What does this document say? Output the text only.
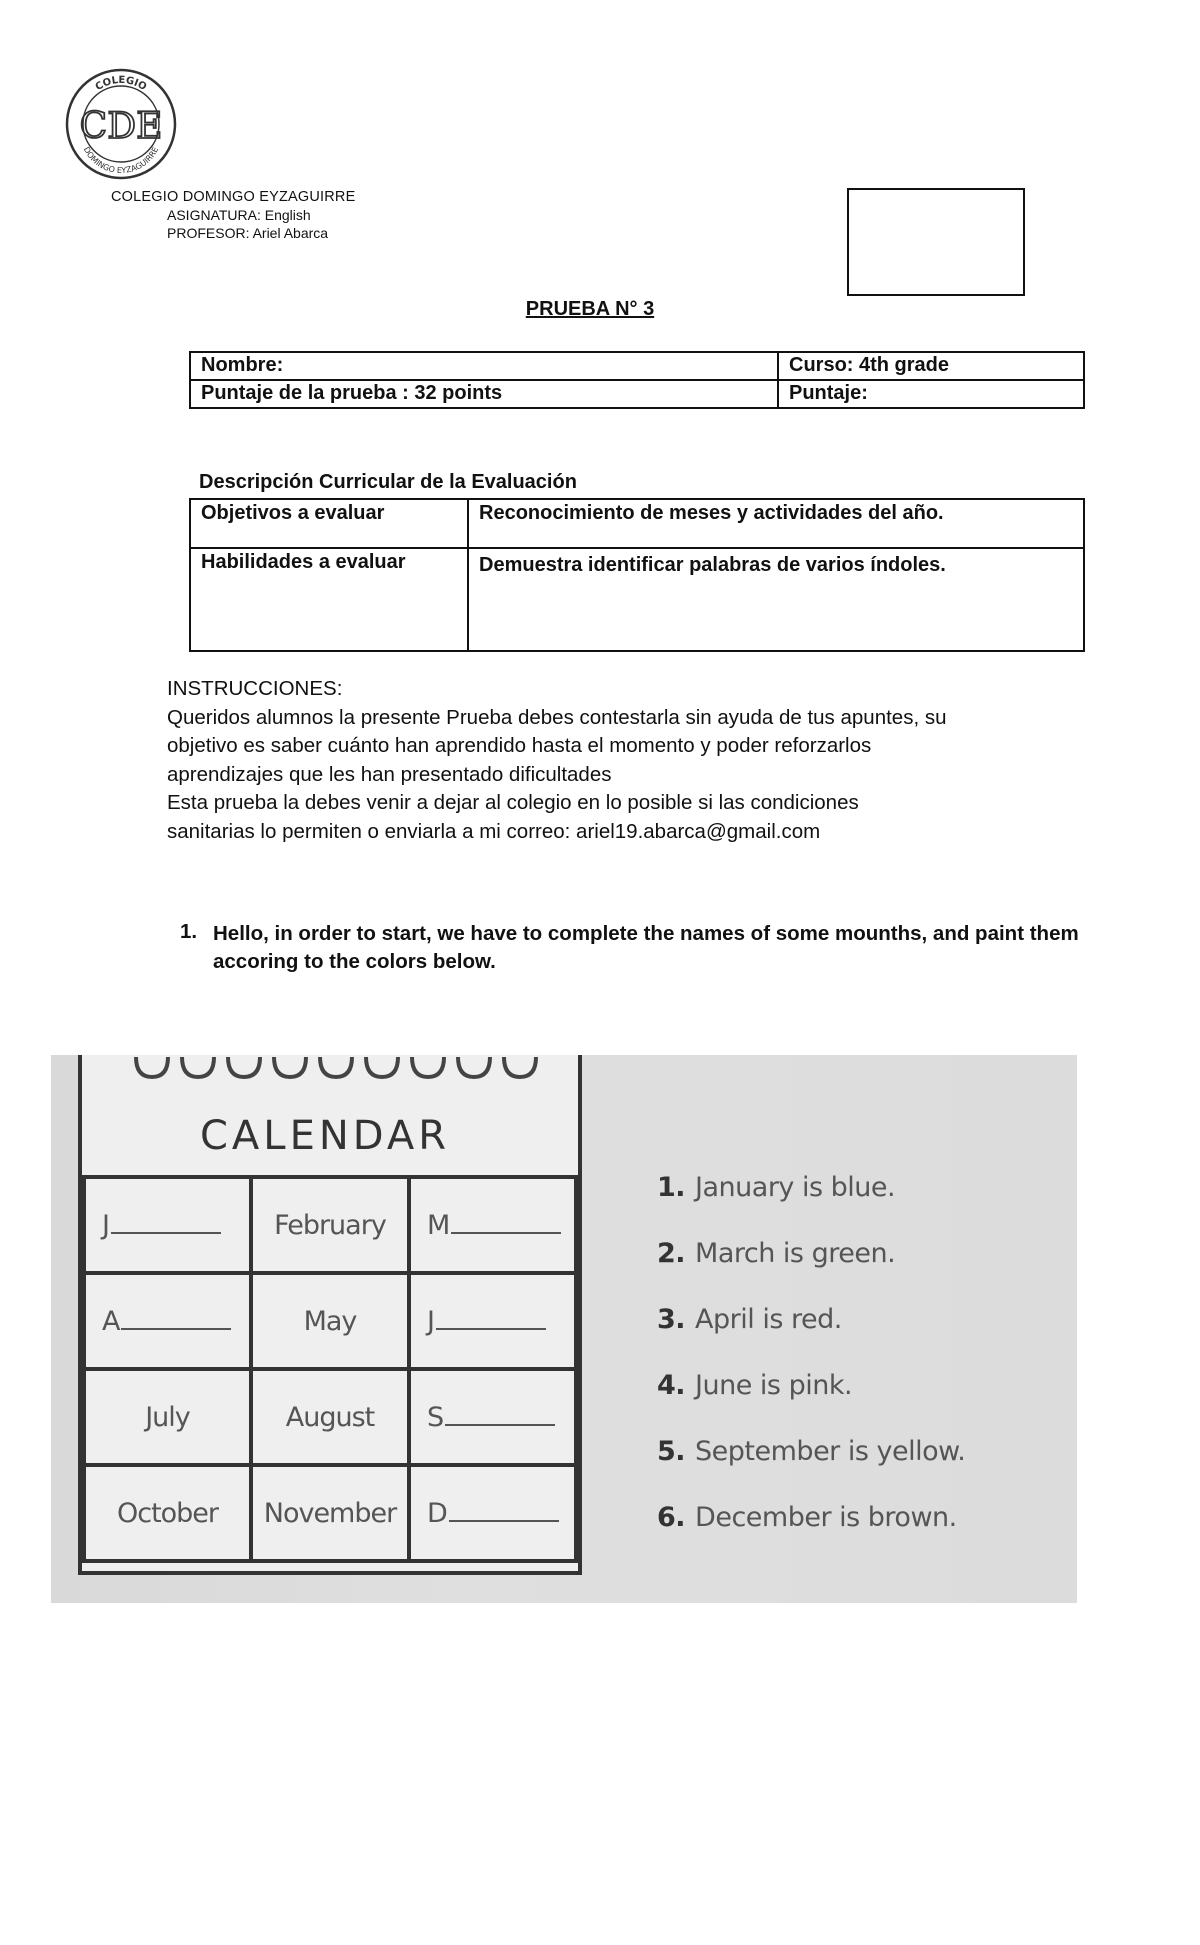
COLEGIO
DOMINGO EYZAGUIRRE
CDE
COLEGIO DOMINGO EYZAGUIRRE
ASIGNATURA: English
PROFESOR: Ariel Abarca
PRUEBA N° 3
Nombre:	Curso: 4th grade
Puntaje de la prueba : 32 points	Puntaje:
Descripción Curricular de la Evaluación
Objetivos a evaluar	Reconocimiento de meses y actividades del año.
Habilidades a evaluar	Demuestra identificar palabras de varios índoles.
INSTRUCCIONES:
Queridos alumnos la presente Prueba debes contestarla sin ayuda de tus apuntes, su
objetivo es saber cuánto han aprendido hasta el momento y poder reforzarlos
aprendizajes que les han presentado dificultades
Esta prueba la debes venir a dejar al colegio en lo posible si las condiciones
sanitarias lo permiten o enviarla a mi correo: ariel19.abarca@gmail.com
1. Hello, in order to start, we have to complete the names of some mounths, and paint them accoring to the colors below.
CALENDAR
J	February	M
A	May	J
July	August	S
October	November	D
1. January is blue.
2. March is green.
3. April is red.
4. June is pink.
5. September is yellow.
6. December is brown.
